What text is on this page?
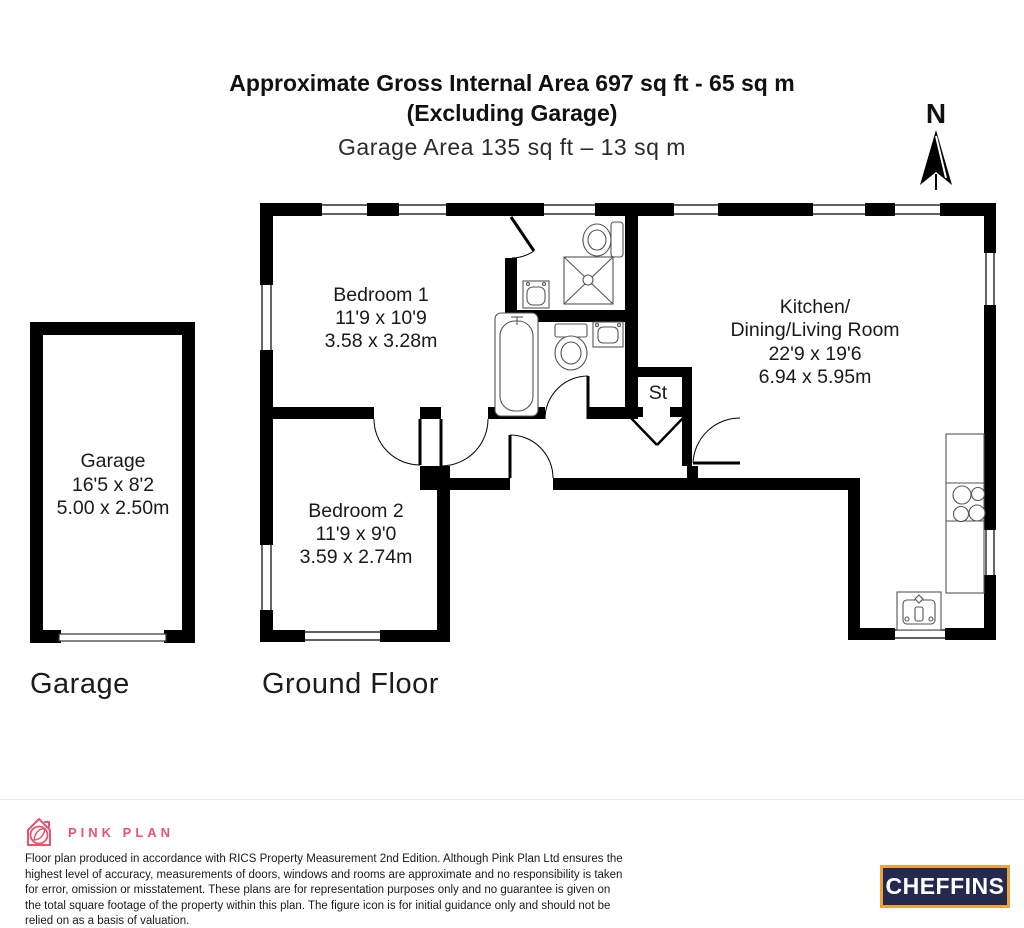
Approximate Gross Internal Area 697 sq ft - 65 sq m
(Excluding Garage)
Garage Area 135 sq ft – 13 sq m
N
Bedroom 1
11'9 x 10'9
3.58 x 3.28m
Kitchen/
Dining/Living Room
22'9 x 19'6
6.94 x 5.95m
St
Bedroom 2
11'9 x 9'0
3.59 x 2.74m
Garage
16'5 x 8'2
5.00 x 2.50m
Garage	Ground Floor
PINK PLAN
Floor plan produced in accordance with RICS Property Measurement 2nd Edition. Although Pink Plan Ltd ensures the highest level of accuracy, measurements of doors, windows and rooms are approximate and no responsibility is taken for error, omission or misstatement. These plans are for representation purposes only and no guarantee is given on the total square footage of the property within this plan. The figure icon is for initial guidance only and should not be relied on as a basis of valuation.
CHEFFINS
